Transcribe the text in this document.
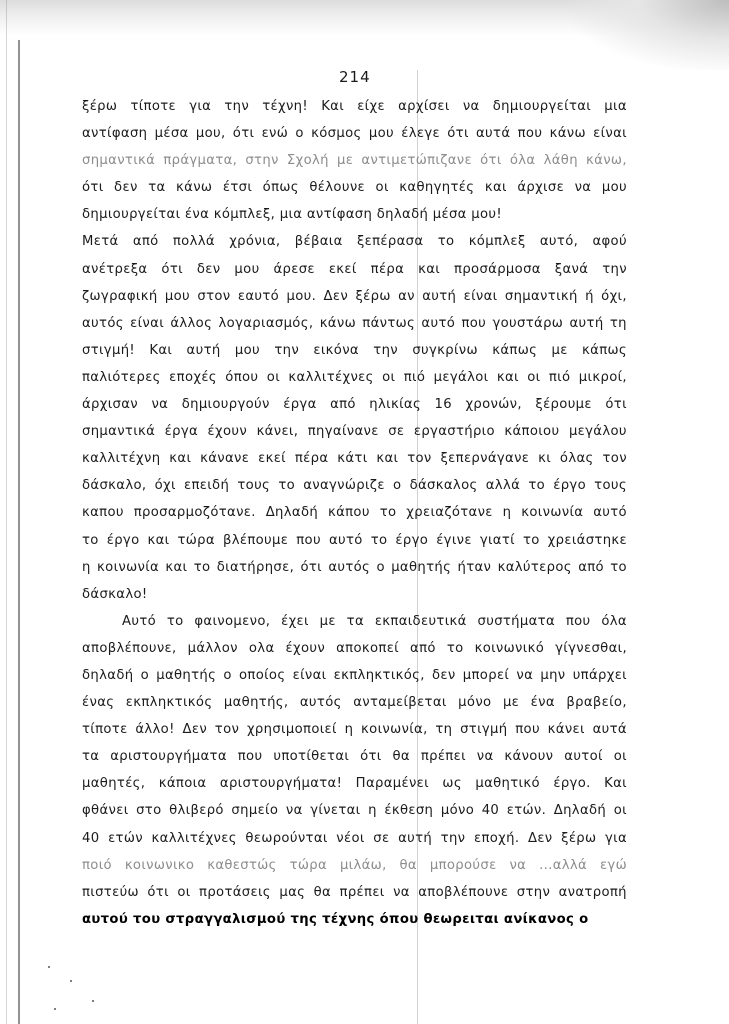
214
ξέρω τίποτε για την τέχνη! Και είχε αρχίσει να δημιουργείται μια
αντίφαση μέσα μου, ότι ενώ ο κόσμος μου έλεγε ότι αυτά που κάνω είναι
σημαντικά πράγματα, στην Σχολή με αντιμετώπιζανε ότι όλα λάθη κάνω,
ότι δεν τα κάνω έτσι όπως θέλουνε οι καθηγητές και άρχισε να μου
δημιουργείται ένα κόμπλεξ, μια αντίφαση δηλαδή μέσα μου!
Μετά από πολλά χρόνια, βέβαια ξεπέρασα το κόμπλεξ αυτό, αφού
ανέτρεξα ότι δεν μου άρεσε εκεί πέρα και προσάρμοσα ξανά την
ζωγραφική μου στον εαυτό μου. Δεν ξέρω αν αυτή είναι σημαντική ή όχι,
αυτός είναι άλλος λογαριασμός, κάνω πάντως αυτό που γουστάρω αυτή τη
στιγμή! Και αυτή μου την εικόνα την συγκρίνω κάπως με κάπως
παλιότερες εποχές όπου οι καλλιτέχνες οι πιό μεγάλοι και οι πιό μικροί,
άρχισαν να δημιουργούν έργα από ηλικίας 16 χρονών, ξέρουμε ότι
σημαντικά έργα έχουν κάνει, πηγαίνανε σε εργαστήριο κάποιου μεγάλου
καλλιτέχνη και κάνανε εκεί πέρα κάτι και τον ξεπερνάγανε κι όλας τον
δάσκαλο, όχι επειδή τους το αναγνώριζε ο δάσκαλος αλλά το έργο τους
καπου προσαρμοζότανε. Δηλαδή κάπου το χρειαζότανε η κοινωνία αυτό
το έργο και τώρα βλέπουμε που αυτό το έργο έγινε γιατί το χρειάστηκε
η κοινωνία και το διατήρησε, ότι αυτός ο μαθητής ήταν καλύτερος από το
δάσκαλο!
Αυτό το φαινομενο, έχει με τα εκπαιδευτικά συστήματα που όλα
αποβλέπουνε, μάλλον ολα έχουν αποκοπεί από το κοινωνικό γίγνεσθαι,
δηλαδή ο μαθητής ο οποίος είναι εκπληκτικός, δεν μπορεί να μην υπάρχει
ένας εκπληκτικός μαθητής, αυτός ανταμείβεται μόνο με ένα βραβείο,
τίποτε άλλο! Δεν τον χρησιμοποιεί η κοινωνία, τη στιγμή που κάνει αυτά
τα αριστουργήματα που υποτίθεται ότι θα πρέπει να κάνουν αυτοί οι
μαθητές, κάποια αριστουργήματα! Παραμένει ως μαθητικό έργο. Και
φθάνει στο θλιβερό σημείο να γίνεται η έκθεση μόνο 40 ετών. Δηλαδή οι
40 ετών καλλιτέχνες θεωρούνται νέοι σε αυτή την εποχή. Δεν ξέρω για
ποιό κοινωνικο καθεστώς τώρα μιλάω, θα μπορούσε να ...αλλά εγώ
πιστεύω ότι οι προτάσεις μας θα πρέπει να αποβλέπουνε στην ανατροπή
αυτού του στραγγαλισμού της τέχνης όπου θεωρειται ανίκανος ο
